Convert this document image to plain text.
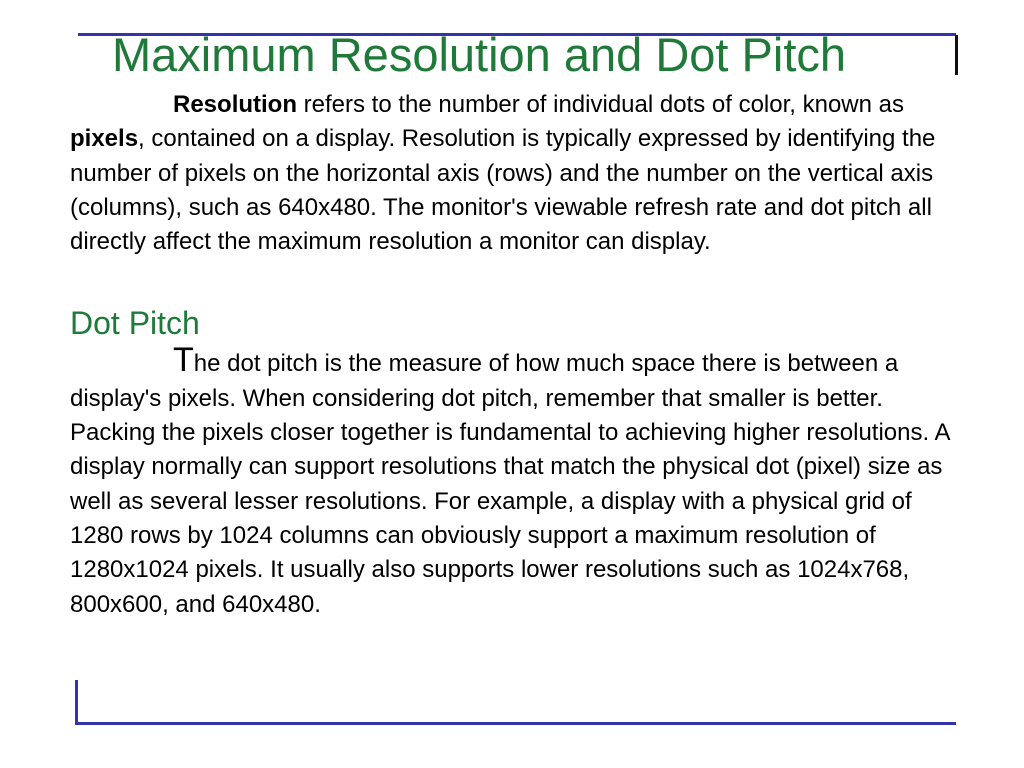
Maximum Resolution and Dot Pitch

Resolution refers to the number of individual dots of color, known as pixels, contained on a display. Resolution is typically expressed by identifying the number of pixels on the horizontal axis (rows) and the number on the vertical axis (columns), such as 640x480. The monitor's viewable refresh rate and dot pitch all directly affect the maximum resolution a monitor can display.

Dot Pitch

The dot pitch is the measure of how much space there is between a display's pixels. When considering dot pitch, remember that smaller is better. Packing the pixels closer together is fundamental to achieving higher resolutions. A display normally can support resolutions that match the physical dot (pixel) size as well as several lesser resolutions. For example, a display with a physical grid of 1280 rows by 1024 columns can obviously support a maximum resolution of 1280x1024 pixels. It usually also supports lower resolutions such as 1024x768, 800x600, and 640x480.
